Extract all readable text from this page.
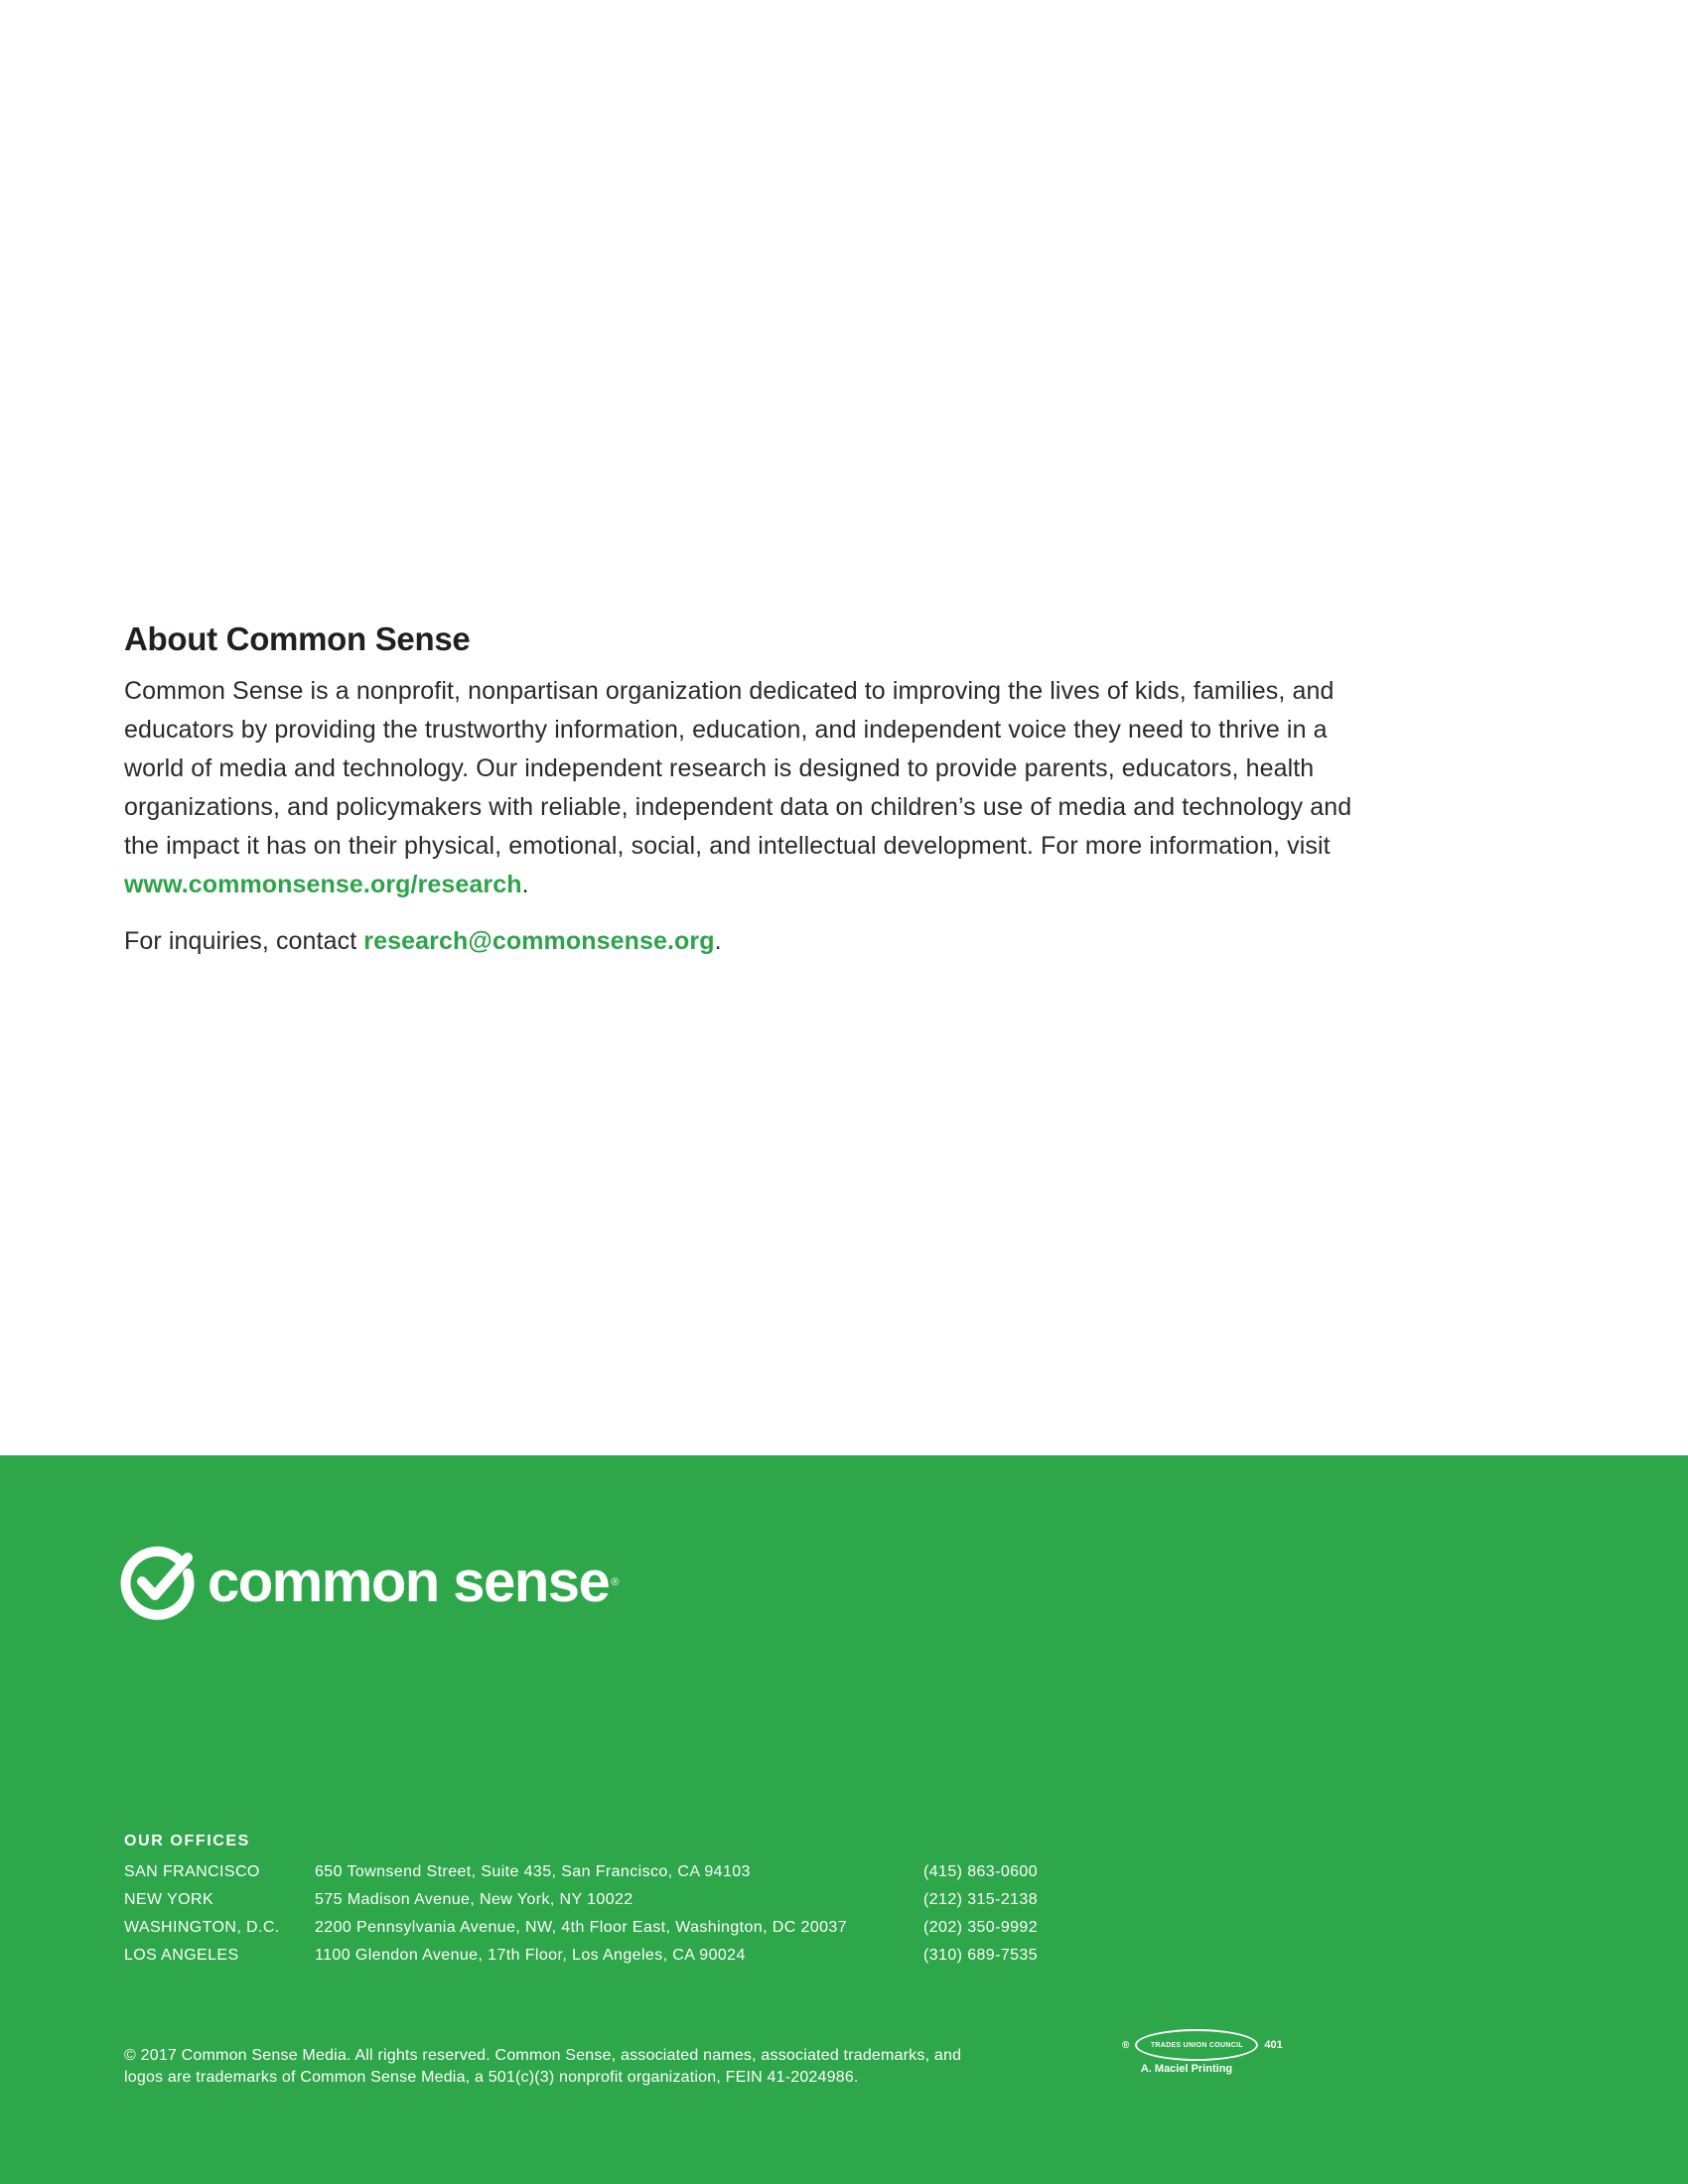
About Common Sense

Common Sense is a nonprofit, nonpartisan organization dedicated to improving the lives of kids, families, and educators by providing the trustworthy information, education, and independent voice they need to thrive in a world of media and technology. Our independent research is designed to provide parents, educators, health organizations, and policymakers with reliable, independent data on children’s use of media and technology and the impact it has on their physical, emotional, social, and intellectual development. For more information, visit www.commonsense.org/research.

For inquiries, contact research@commonsense.org.

common sense ®
OUR OFFICES
SAN FRANCISCO	650 Townsend Street, Suite 435, San Francisco, CA 94103	(415) 863-0600
NEW YORK	575 Madison Avenue, New York, NY 10022	(212) 315-2138
WASHINGTON, D.C.	2200 Pennsylvania Avenue, NW, 4th Floor East, Washington, DC 20037	(202) 350-9992
LOS ANGELES	1100 Glendon Avenue, 17th Floor, Los Angeles, CA 90024	(310) 689-7535
© 2017 Common Sense Media. All rights reserved. Common Sense, associated names, associated trademarks, and
logos are trademarks of Common Sense Media, a 501(c)(3) nonprofit organization, FEIN 41-2024986.
®	TRADES UNION COUNCIL 401
A. Maciel Printing
